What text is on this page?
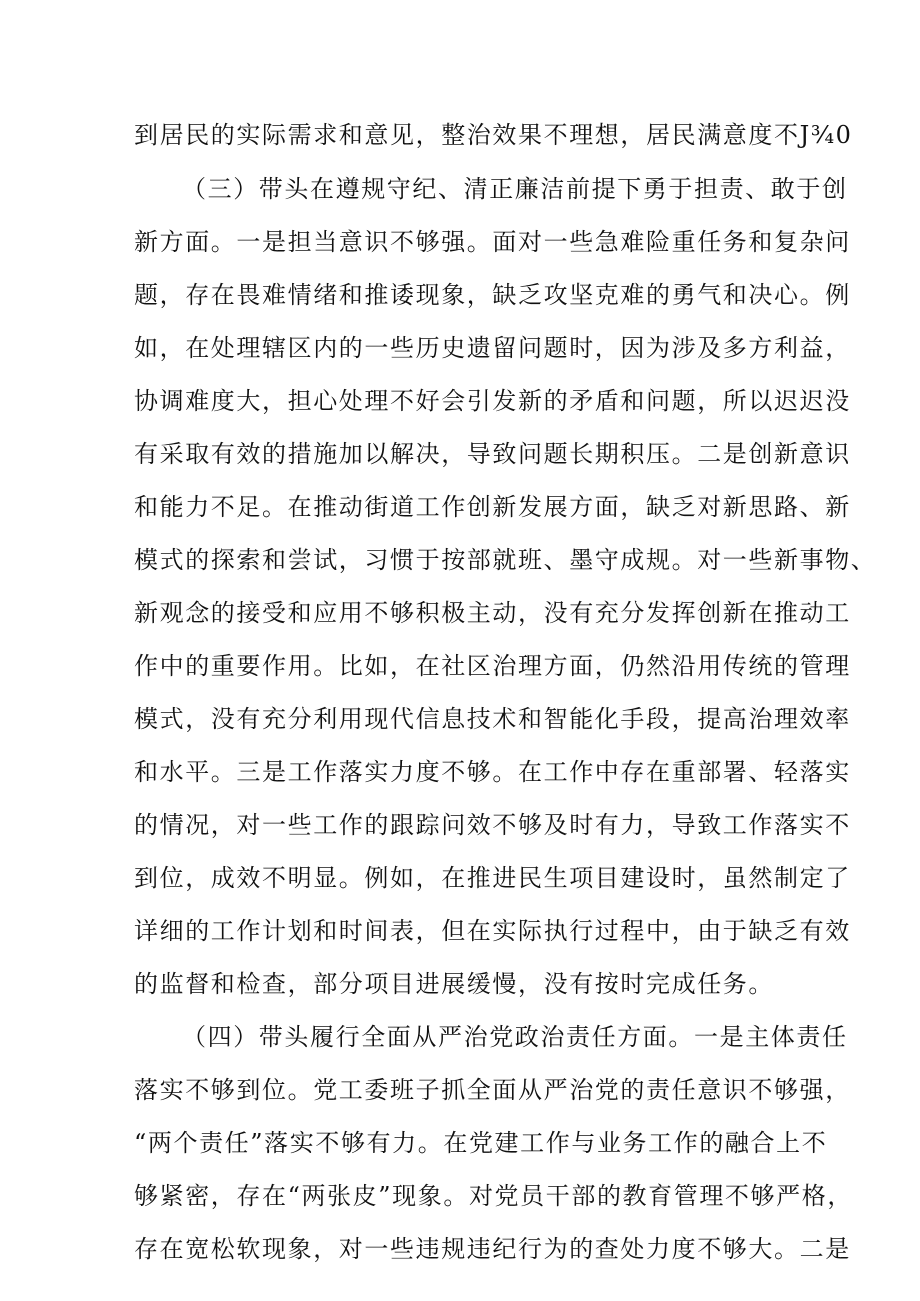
到居民的实际需求和意见，整治效果不理想，居民满意度不J¾0

（三）带头在遵规守纪、清正廉洁前提下勇于担责、敢于创

新方面。一是担当意识不够强。面对一些急难险重任务和复杂问

题，存在畏难情绪和推诿现象，缺乏攻坚克难的勇气和决心。例

如，在处理辖区内的一些历史遗留问题时，因为涉及多方利益，

协调难度大，担心处理不好会引发新的矛盾和问题，所以迟迟没

有采取有效的措施加以解决，导致问题长期积压。二是创新意识

和能力不足。在推动街道工作创新发展方面，缺乏对新思路、新

模式的探索和尝试，习惯于按部就班、墨守成规。对一些新事物、

新观念的接受和应用不够积极主动，没有充分发挥创新在推动工

作中的重要作用。比如，在社区治理方面，仍然沿用传统的管理

模式，没有充分利用现代信息技术和智能化手段，提高治理效率

和水平。三是工作落实力度不够。在工作中存在重部署、轻落实

的情况，对一些工作的跟踪问效不够及时有力，导致工作落实不

到位，成效不明显。例如，在推进民生项目建设时，虽然制定了

详细的工作计划和时间表，但在实际执行过程中，由于缺乏有效

的监督和检查，部分项目进展缓慢，没有按时完成任务。

（四）带头履行全面从严治党政治责任方面。一是主体责任

落实不够到位。党工委班子抓全面从严治党的责任意识不够强，

“两个责任”落实不够有力。在党建工作与业务工作的融合上不

够紧密，存在“两张皮”现象。对党员干部的教育管理不够严格，

存在宽松软现象，对一些违规违纪行为的查处力度不够大。二是
